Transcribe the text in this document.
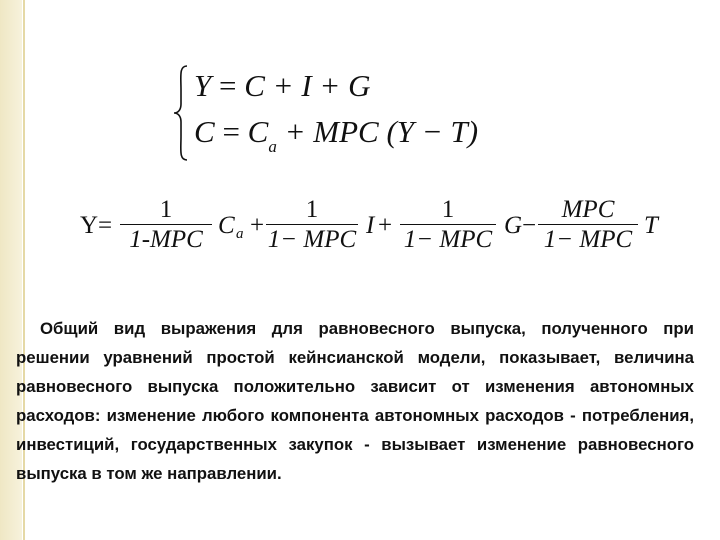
Y = C + I + G
$C = C_a$ + MPC (Y − T)
Y =
1
1-MPC
C a +
1
1− MPC
I +
1
1− MPC
G −
MPC
1− MPC
T
Общий вид выражения для равновесного выпуска, полученного при решении уравнений простой кейнсианской модели, показывает, величина равновесного выпуска положительно зависит от изменения автономных расходов: изменение любого компонента автономных расходов - потребления, инвестиций, государственных закупок - вызывает изменение равновесного выпуска в том же направлении.
